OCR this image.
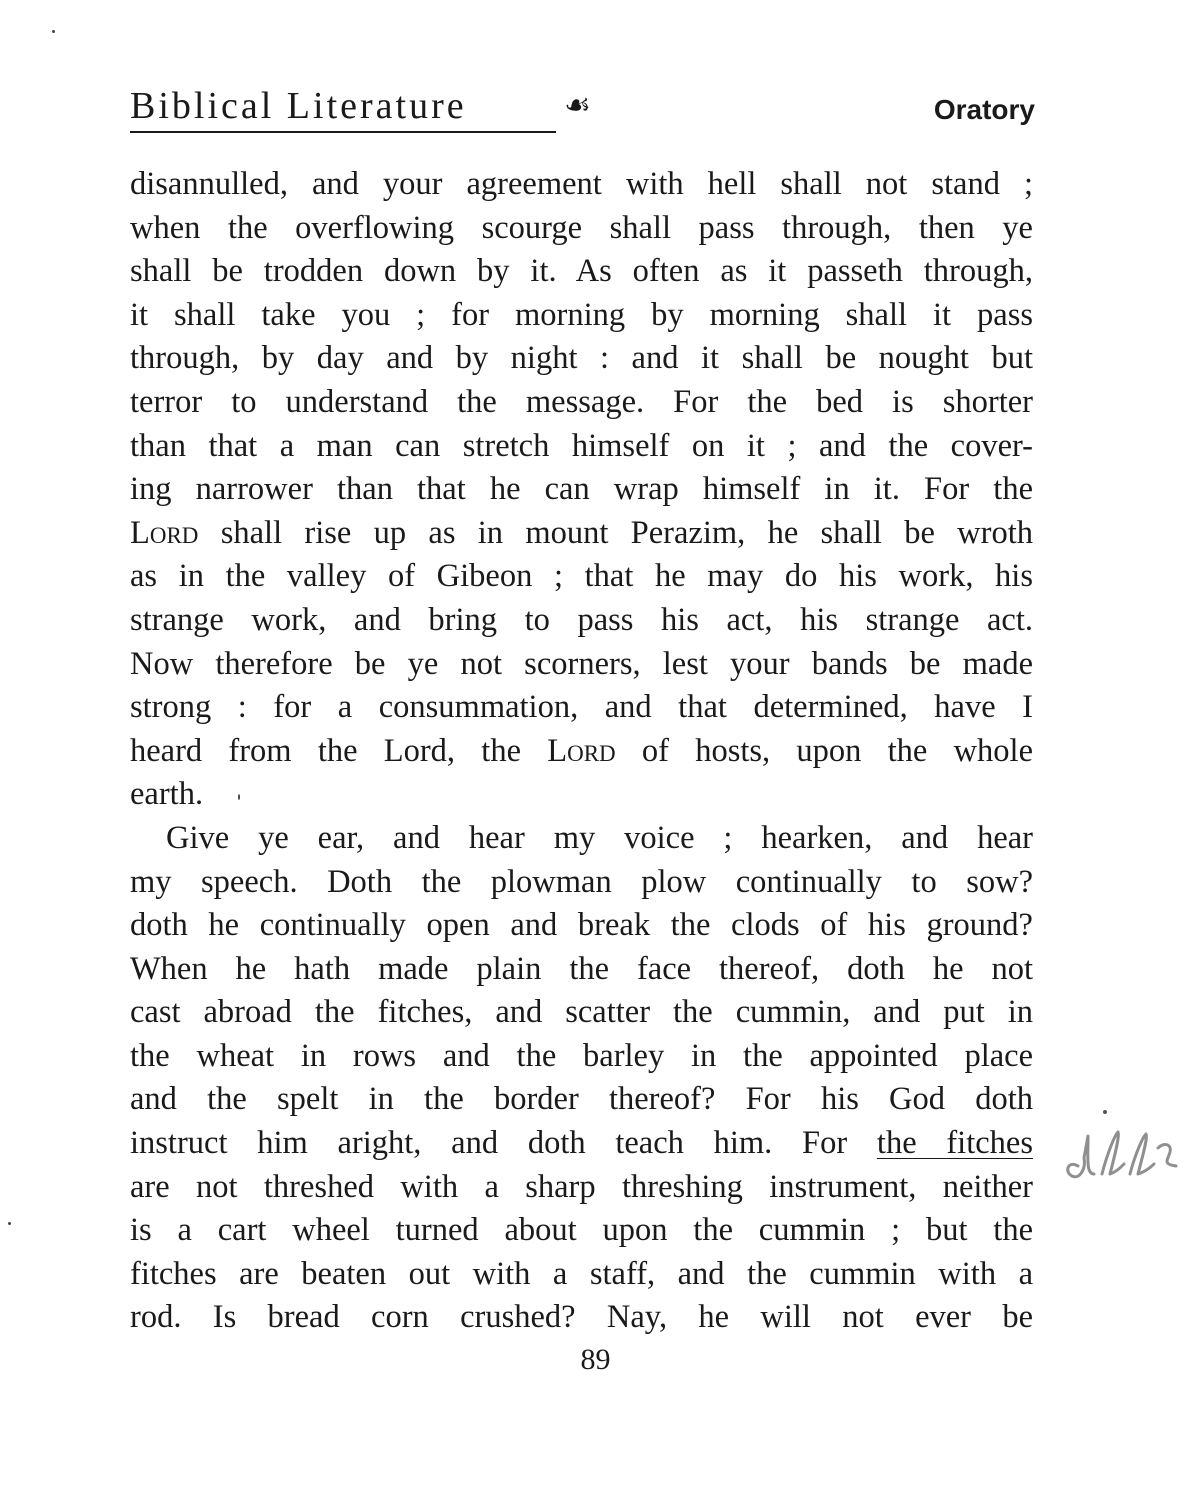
Biblical Literature	☙	Oratory
disannulled, and your agreement with hell shall not stand ;
when the overflowing scourge shall pass through, then ye
shall be trodden down by it. As often as it passeth through,
it shall take you ; for morning by morning shall it pass
through, by day and by night : and it shall be nought but
terror to understand the message. For the bed is shorter
than that a man can stretch himself on it ; and the cover-
ing narrower than that he can wrap himself in it. For the
Lord shall rise up as in mount Perazim, he shall be wroth
as in the valley of Gibeon ; that he may do his work, his
strange work, and bring to pass his act, his strange act.
Now therefore be ye not scorners, lest your bands be made
strong : for a consummation, and that determined, have I
heard from the Lord, the Lord of hosts, upon the whole
earth.
Give ye ear, and hear my voice ; hearken, and hear
my speech. Doth the plowman plow continually to sow?
doth he continually open and break the clods of his ground?
When he hath made plain the face thereof, doth he not
cast abroad the fitches, and scatter the cummin, and put in
the wheat in rows and the barley in the appointed place
and the spelt in the border thereof? For his God doth
instruct him aright, and doth teach him. For the fitches
are not threshed with a sharp threshing instrument, neither
is a cart wheel turned about upon the cummin ; but the
fitches are beaten out with a staff, and the cummin with a
rod. Is bread corn crushed? Nay, he will not ever be
89
